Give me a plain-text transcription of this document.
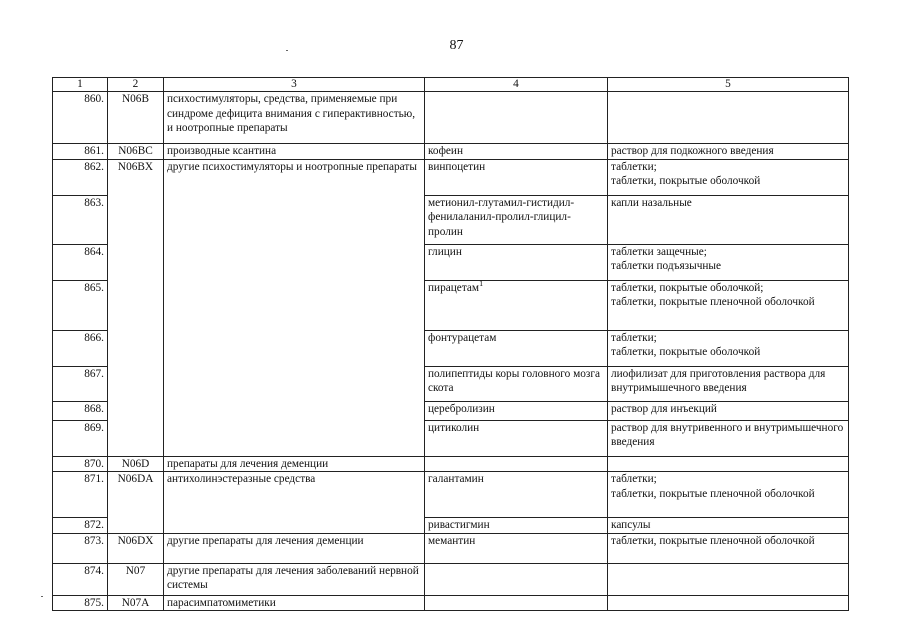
87
1	2	3	4	5
860.	N06B	психостимуляторы, средства, применяемые при синдроме дефицита внимания с гиперактивностью, и ноотропные препараты		
861.	N06BC	производные ксантина	кофеин	раствор для подкожного введения
862.	N06BX	другие психостимуляторы и ноотропные препараты	винпоцетин	таблетки;
таблетки, покрытые оболочкой
863.			метионил-глутамил-гистидил-фенилаланил-пролил-глицил-пролин	капли назальные
864.			глицин	таблетки защечные;
таблетки подъязычные
865.			пирацетам$^1$	таблетки, покрытые оболочкой;
таблетки, покрытые пленочной оболочкой
866.			фонтурацетам	таблетки;
таблетки, покрытые оболочкой
867.			полипептиды коры головного мозга скота	лиофилизат для приготовления раствора для внутримышечного введения
868.			церебролизин	раствор для инъекций
869.			цитиколин	раствор для внутривенного и внутримышечного введения
870.	N06D	препараты для лечения деменции		
871.	N06DA	антихолинэстеразные средства	галантамин	таблетки;
таблетки, покрытые пленочной оболочкой
872.			ривастигмин	капсулы
873.	N06DX	другие препараты для лечения деменции	мемантин	таблетки, покрытые пленочной оболочкой
874.	N07	другие препараты для лечения заболеваний нервной системы		
875.	N07A	парасимпатомиметики		
